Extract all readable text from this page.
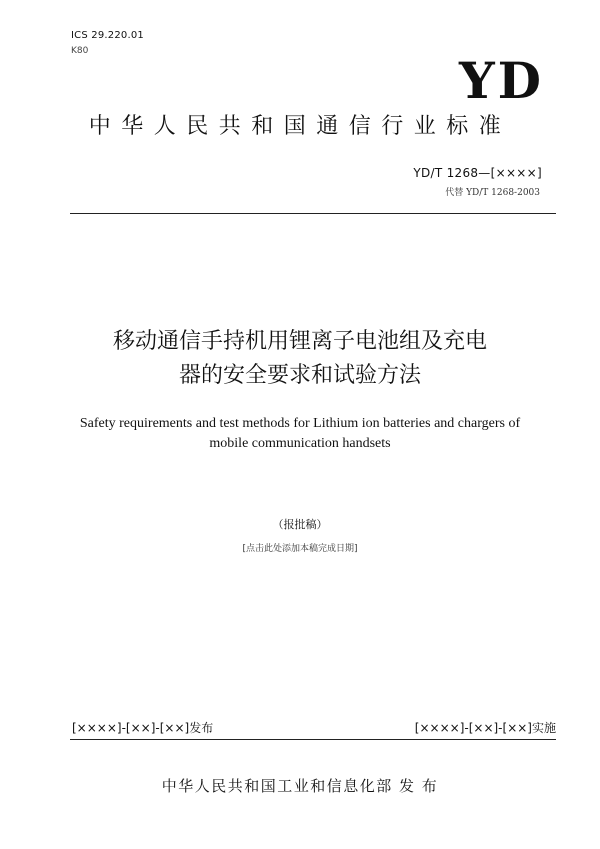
ICS 29.220.01
K80	YD
中华人民共和国通信行业标准
YD/T 1268—[××××]
代替 YD/T 1268-2003
移动通信手持机用锂离子电池组及充电
器的安全要求和试验方法
Safety requirements and test methods for Lithium ion batteries and chargers of
mobile communication handsets
（报批稿）
[点击此处添加本稿完成日期]
[××××]-[××]-[××]发布	[××××]-[××]-[××]实施
中华人民共和国工业和信息化部 发 布
